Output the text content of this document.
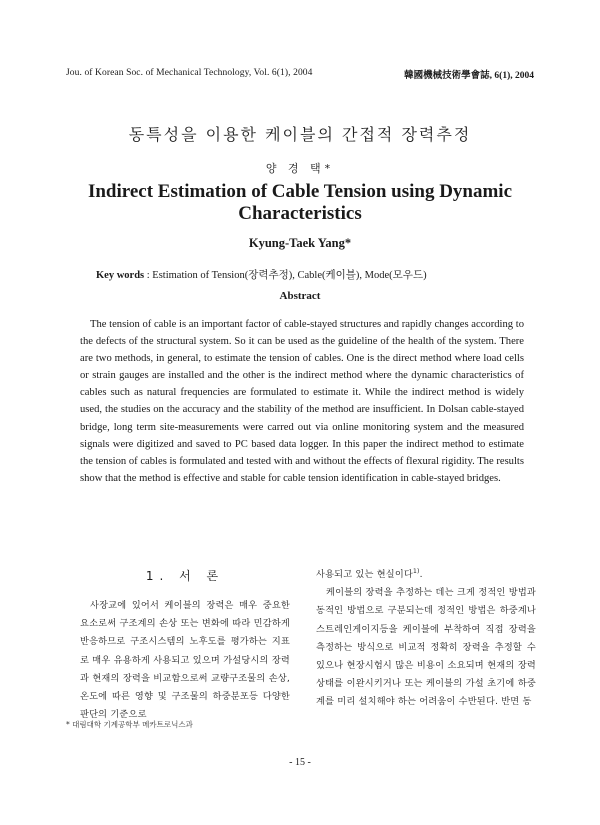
Jou. of Korean Soc. of Mechanical Technology, Vol. 6(1), 2004	韓國機械技術學會誌, 6(1), 2004
동특성을 이용한 케이블의 간접적 장력추정
양 경 택*
Indirect Estimation of Cable Tension using Dynamic Characteristics
Kyung-Taek Yang*
Key words : Estimation of Tension(장력추정), Cable(케이블), Mode(모우드)
Abstract

The tension of cable is an important factor of cable-stayed structures and rapidly changes according to the defects of the structural system. So it can be used as the guideline of the health of the system. There are two methods, in general, to estimate the tension of cables. One is the direct method where load cells or strain gauges are installed and the other is the indirect method where the dynamic characteristics of cables such as natural frequencies are formulated to estimate it. While the indirect method is widely used, the studies on the accuracy and the stability of the method are insufficient. In Dolsan cable-stayed bridge, long term site-measurements were carred out via online monitoring system and the measured signals were digitized and saved to PC based data logger. In this paper the indirect method to estimate the tension of cables is formulated and tested with and without the effects of flexural rigidity. The results show that the method is effective and stable for cable tension identification in cable-stayed bridges.

1. 서 론

사장교에 있어서 케이블의 장력은 매우 중요한 요소로써 구조계의 손상 또는 변화에 따라 민감하게 반응하므로 구조시스템의 노후도를 평가하는 지표로 매우 유용하게 사용되고 있으며 가설당시의 장력과 현재의 장력을 비교함으로써 교량구조물의 손상, 온도에 따른 영향 및 구조물의 하중분포등 다양한 판단의 기준으로

사용되고 있는 현실이다$^{1)}$.

케이블의 장력을 추정하는 데는 크게 정적인 방법과 동적인 방법으로 구분되는데 정적인 방법은 하중계나 스트레인게이지등을 케이블에 부착하여 직접 장력을 측정하는 방식으로 비교적 정확히 장력을 추정할 수 있으나 현장시험시 많은 비용이 소요되며 현재의 장력상태를 이완시키거나 또는 케이블의 가설 초기에 하중계를 미리 설치해야 하는 어려움이 수반된다. 반면 동

* 대림대학 기계공학부 메카트로닉스과
- 15 -
